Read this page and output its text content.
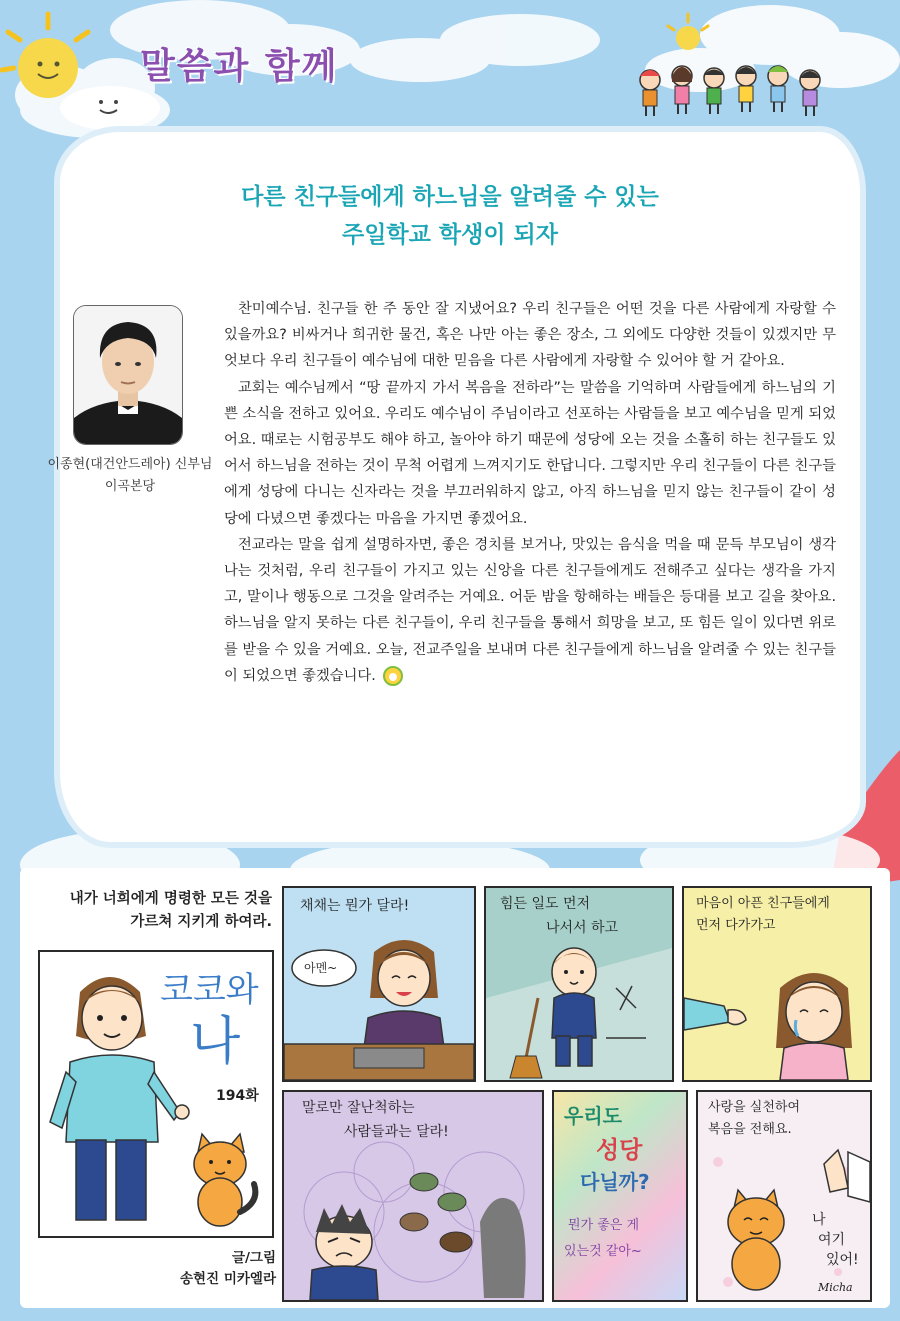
말씀과 함께
다른 친구들에게 하느님을 알려줄 수 있는
주일학교 학생이 되자
이종현(대건안드레아) 신부님
이곡본당

찬미예수님. 친구들 한 주 동안 잘 지냈어요? 우리 친구들은 어떤 것을 다른 사람에게 자랑할 수 있을까요? 비싸거나 희귀한 물건, 혹은 나만 아는 좋은 장소, 그 외에도 다양한 것들이 있겠지만 무엇보다 우리 친구들이 예수님에 대한 믿음을 다른 사람에게 자랑할 수 있어야 할 거 같아요.

교회는 예수님께서 “땅 끝까지 가서 복음을 전하라”는 말씀을 기억하며 사람들에게 하느님의 기쁜 소식을 전하고 있어요. 우리도 예수님이 주님이라고 선포하는 사람들을 보고 예수님을 믿게 되었어요. 때로는 시험공부도 해야 하고, 놀아야 하기 때문에 성당에 오는 것을 소홀히 하는 친구들도 있어서 하느님을 전하는 것이 무척 어렵게 느껴지기도 한답니다. 그렇지만 우리 친구들이 다른 친구들에게 성당에 다니는 신자라는 것을 부끄러워하지 않고, 아직 하느님을 믿지 않는 친구들이 같이 성당에 다녔으면 좋겠다는 마음을 가지면 좋겠어요.

전교라는 말을 쉽게 설명하자면, 좋은 경치를 보거나, 맛있는 음식을 먹을 때 문득 부모님이 생각나는 것처럼, 우리 친구들이 가지고 있는 신앙을 다른 친구들에게도 전해주고 싶다는 생각을 가지고, 말이나 행동으로 그것을 알려주는 거예요. 어둔 밤을 항해하는 배들은 등대를 보고 길을 찾아요. 하느님을 알지 못하는 다른 친구들이, 우리 친구들을 통해서 희망을 보고, 또 힘든 일이 있다면 위로를 받을 수 있을 거예요. 오늘, 전교주일을 보내며 다른 친구들에게 하느님을 알려줄 수 있는 친구들이 되었으면 좋겠습니다.

내가 너희에게 명령한 모든 것을
가르쳐 지키게 하여라.
코코와
나
194화
글/그림
송현진 미카엘라
채채는 뭔가 달라!
아멘~
힘든 일도 먼저
나서서 하고
마음이 아픈 친구들에게
먼저 다가가고
말로만 잘난척하는
사람들과는 달라!
우리도
성당
다닐까?
뭔가 좋은 게
있는것 같아~
사랑을 실천하여
복음을 전해요.
나
여기
있어!
Micha
